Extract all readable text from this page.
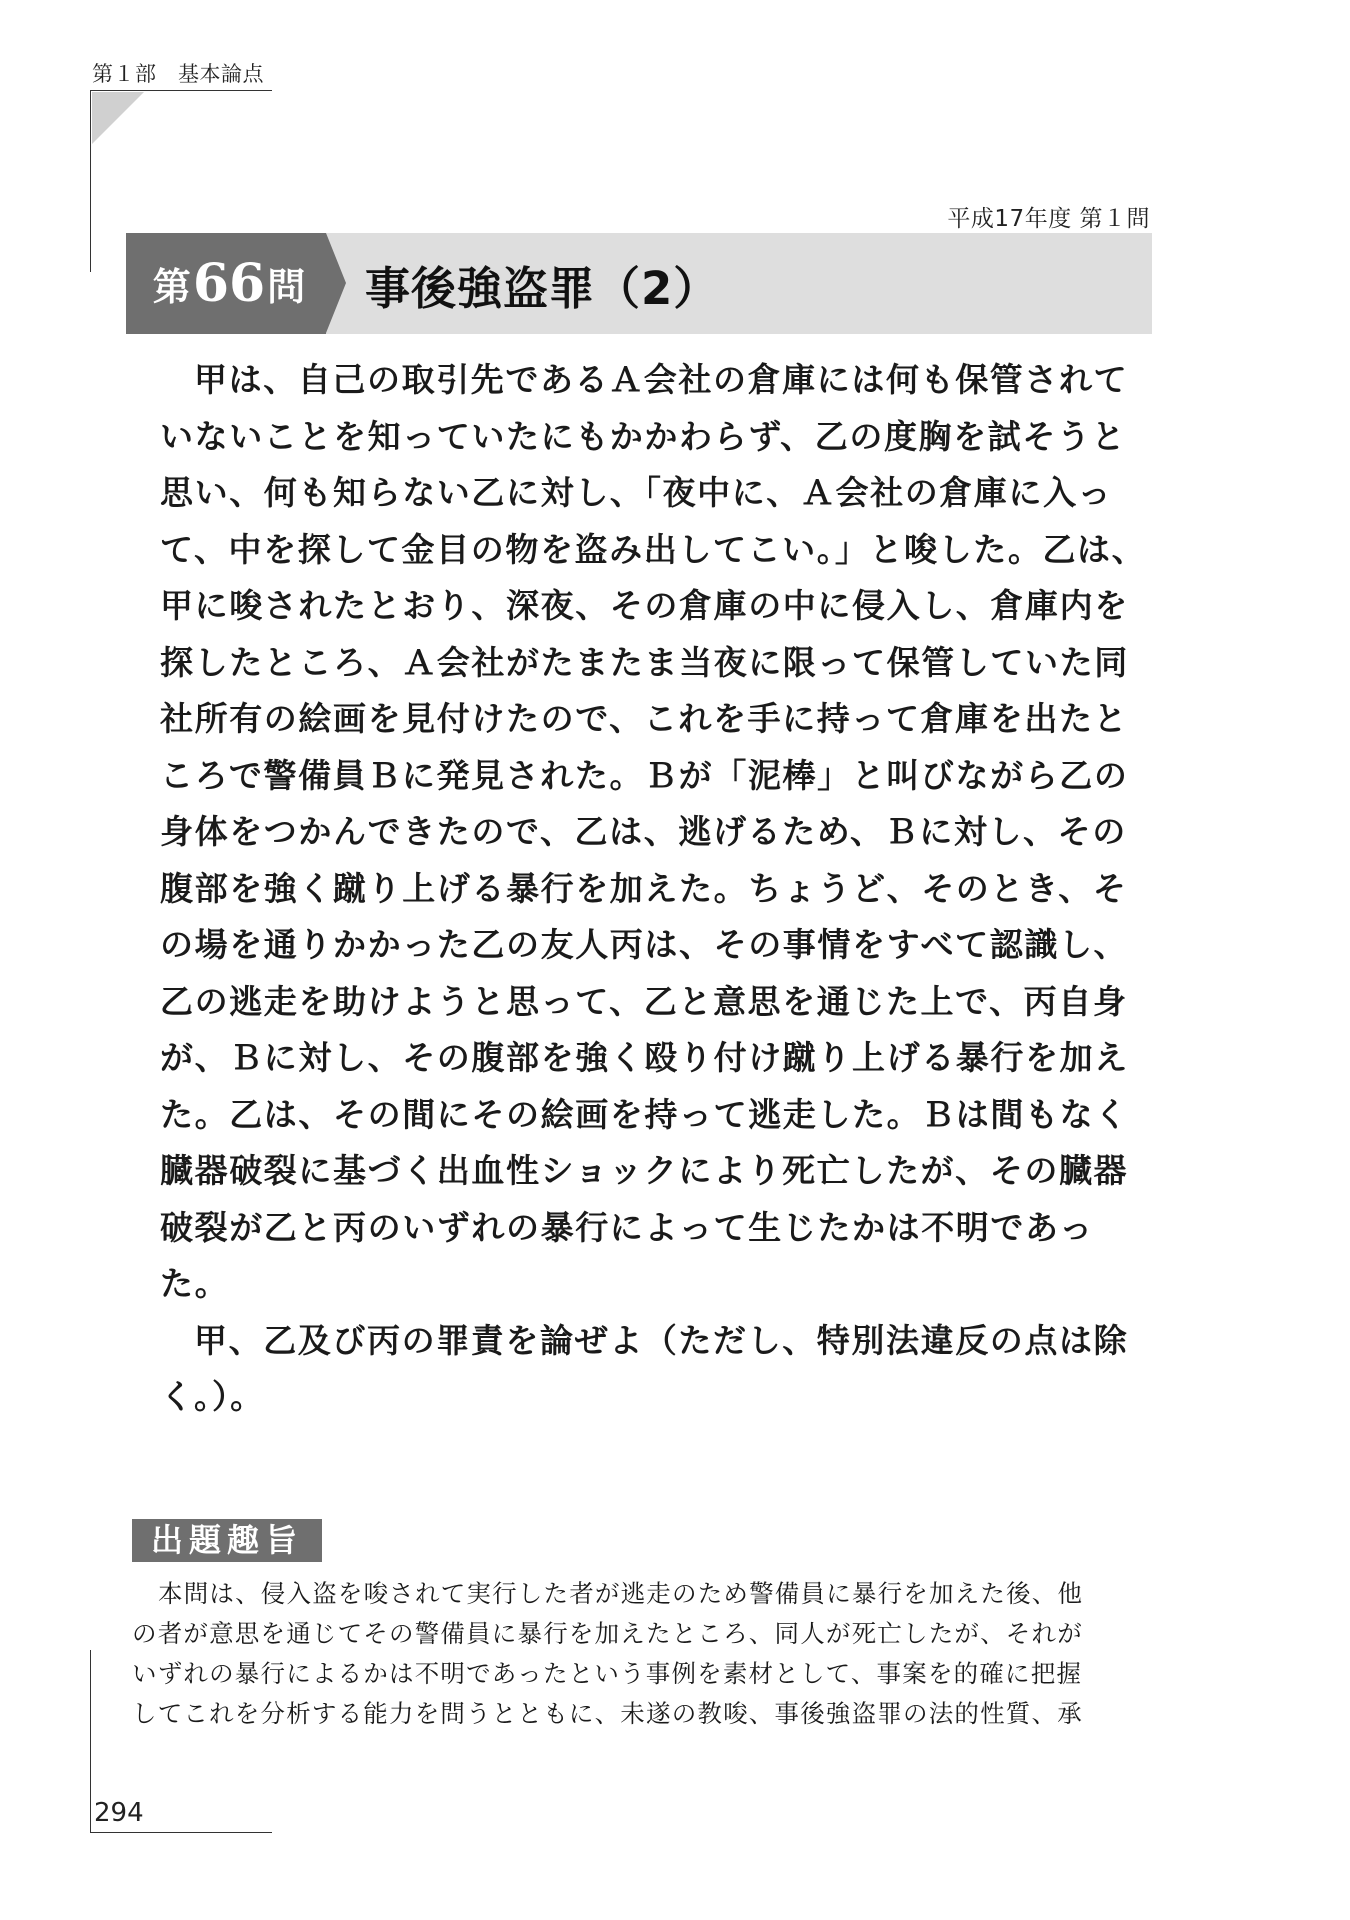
第１部　基本論点
平成17年度 第１問
第 66 問 事後強盗罪（2）
甲は、自己の取引先であるＡ会社の倉庫には何も保管されて
いないことを知っていたにもかかわらず、乙の度胸を試そうと
思い、何も知らない乙に対し、「夜中に、Ａ会社の倉庫に入っ
て、中を探して金目の物を盗み出してこい。」と唆した。乙は、
甲に唆されたとおり、深夜、その倉庫の中に侵入し、倉庫内を
探したところ、Ａ会社がたまたま当夜に限って保管していた同
社所有の絵画を見付けたので、これを手に持って倉庫を出たと
ころで警備員Ｂに発見された。Ｂが「泥棒」と叫びながら乙の
身体をつかんできたので、乙は、逃げるため、Ｂに対し、その
腹部を強く蹴り上げる暴行を加えた。ちょうど、そのとき、そ
の場を通りかかった乙の友人丙は、その事情をすべて認識し、
乙の逃走を助けようと思って、乙と意思を通じた上で、丙自身
が、Ｂに対し、その腹部を強く殴り付け蹴り上げる暴行を加え
た。乙は、その間にその絵画を持って逃走した。Ｂは間もなく
臓器破裂に基づく出血性ショックにより死亡したが、その臓器
破裂が乙と丙のいずれの暴行によって生じたかは不明であっ
た。
甲、乙及び丙の罪責を論ぜよ（ただし、特別法違反の点は除
く。）。
出題趣旨
本問は、侵入盗を唆されて実行した者が逃走のため警備員に暴行を加えた後、他
の者が意思を通じてその警備員に暴行を加えたところ、同人が死亡したが、それが
いずれの暴行によるかは不明であったという事例を素材として、事案を的確に把握
してこれを分析する能力を問うとともに、未遂の教唆、事後強盗罪の法的性質、承
294
